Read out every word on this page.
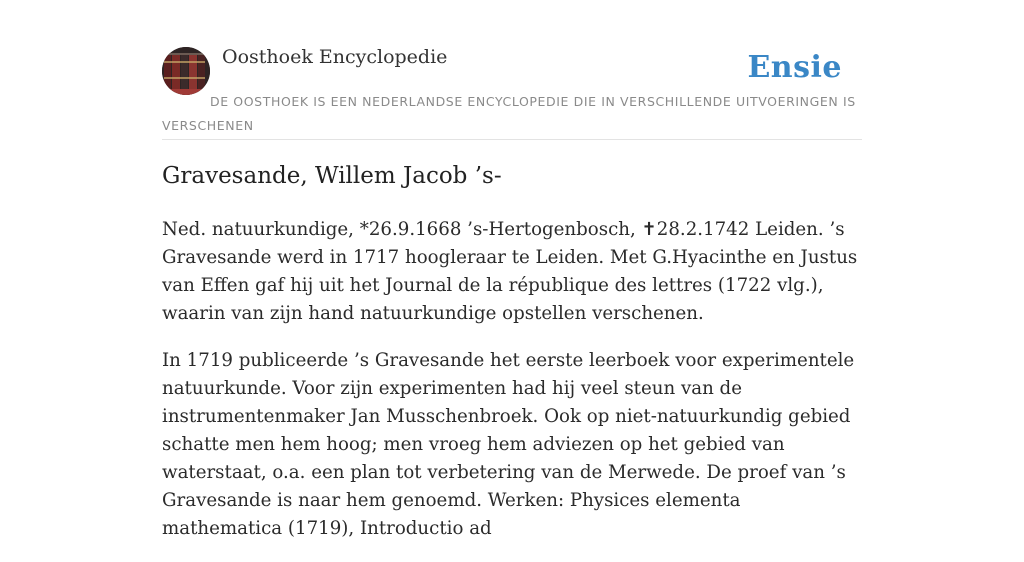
Oosthoek Encyclopedie	Ensie
DE OOSTHOEK IS EEN NEDERLANDSE ENCYCLOPEDIE DIE IN VERSCHILLENDE UITVOERINGEN IS VERSCHENEN
Gravesande, Willem Jacob ’s-

Ned. natuurkundige, *26.9.1668 ’s-Hertogenbosch, ✝28.2.1742 Leiden. ’s Gravesande werd in 1717 hoogleraar te Leiden. Met G.Hyacinthe en Justus van Effen gaf hij uit het Journal de la république des lettres (1722 vlg.), waarin van zijn hand natuurkundige opstellen verschenen.

In 1719 publiceerde ’s Gravesande het eerste leerboek voor experimentele natuurkunde. Voor zijn experimenten had hij veel steun van de instrumentenmaker Jan Musschenbroek. Ook op niet-natuurkundig gebied schatte men hem hoog; men vroeg hem adviezen op het gebied van waterstaat, o.a. een plan tot verbetering van de Merwede. De proef van ’s Gravesande is naar hem genoemd. Werken: Physices elementa mathematica (1719), Introductio ad
